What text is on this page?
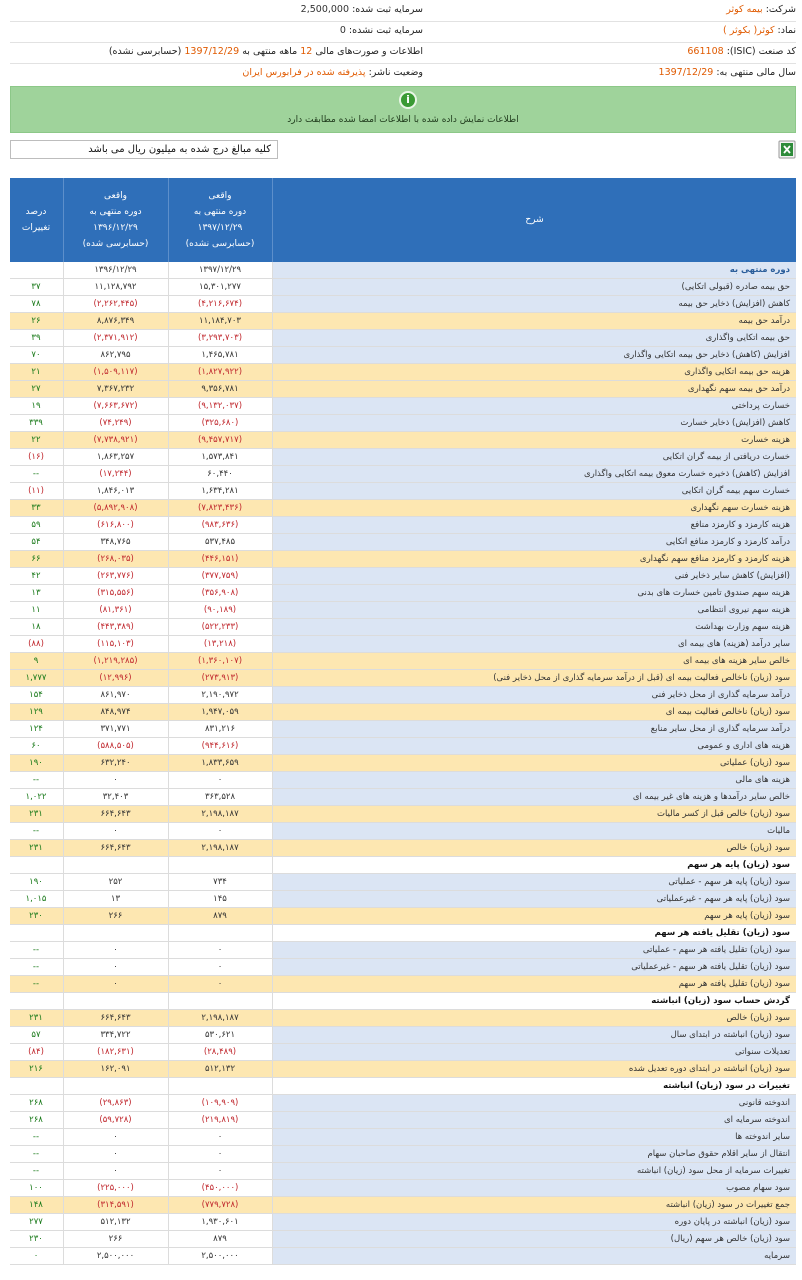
شرکت: بیمه کوثر
سرمایه ثبت شده: 2,500,000
نماد: کوثر( بکوثر )
سرمایه ثبت نشده: 0
کد صنعت (ISIC): 661108
اطلاعات و صورت‌های مالی 12 ماهه منتهی به 1397/12/29 (حسابرسی نشده)
سال مالی منتهی به: 1397/12/29
وضعیت ناشر: پذیرفته شده در فرابورس ایران
i
اطلاعات نمایش داده شده با اطلاعات امضا شده مطابقت دارد
کلیه مبالغ درج شده به میلیون ریال می باشد
شرح
واقعی
دوره منتهی به
۱۳۹۷/۱۲/۲۹
(حسابرسی نشده)
واقعی
دوره منتهی به
۱۳۹۶/۱۲/۲۹
(حسابرسی شده)
درصد
تغییرات
دوره منتهی به
۱۳۹۷/۱۲/۲۹
۱۳۹۶/۱۲/۲۹
حق بیمه صادره (قبولی اتکایی)
۱۵,۳۰۱,۲۷۷
۱۱,۱۲۸,۷۹۲
۳۷
کاهش (افزایش) ذخایر حق بیمه
(۴,۲۱۶,۶۷۴)
(۲,۲۶۲,۴۴۵)
۷۸
درآمد حق بیمه
۱۱,۱۸۴,۷۰۳
۸,۸۷۶,۳۴۹
۲۶
حق بیمه اتکایی واگذاری
(۳,۲۹۳,۷۰۳)
(۲,۳۷۱,۹۱۲)
۳۹
افزایش (کاهش) ذخایر حق بیمه اتکایی واگذاری
۱,۴۶۵,۷۸۱
۸۶۲,۷۹۵
۷۰
هزینه حق بیمه اتکایی واگذاری
(۱,۸۲۷,۹۲۲)
(۱,۵۰۹,۱۱۷)
۲۱
درآمد حق بیمه سهم نگهداری
۹,۳۵۶,۷۸۱
۷,۳۶۷,۲۳۲
۲۷
خسارت پرداختی
(۹,۱۳۲,۰۳۷)
(۷,۶۶۳,۶۷۲)
۱۹
کاهش (افزایش) ذخایر خسارت
(۳۲۵,۶۸۰)
(۷۴,۲۴۹)
۳۳۹
هزینه خسارت
(۹,۴۵۷,۷۱۷)
(۷,۷۳۸,۹۲۱)
۲۲
خسارت دریافتی از بیمه گران اتکایی
۱,۵۷۳,۸۴۱
۱,۸۶۳,۲۵۷
(۱۶)
افزایش (کاهش) ذخیره خسارت معوق بیمه اتکایی واگذاری
۶۰,۴۴۰
(۱۷,۲۴۴)
--
خسارت سهم بیمه گران اتکایی
۱,۶۳۴,۲۸۱
۱,۸۴۶,۰۱۳
(۱۱)
هزینه خسارت سهم نگهداری
(۷,۸۲۳,۴۳۶)
(۵,۸۹۲,۹۰۸)
۳۳
هزینه کارمزد و کارمزد منافع
(۹۸۳,۶۳۶)
(۶۱۶,۸۰۰)
۵۹
درآمد کارمزد و کارمزد منافع اتکایی
۵۳۷,۴۸۵
۳۴۸,۷۶۵
۵۴
هزینه کارمزد و کارمزد منافع سهم نگهداری
(۴۴۶,۱۵۱)
(۲۶۸,۰۳۵)
۶۶
(افزایش) کاهش سایر ذخایر فنی
(۳۷۷,۷۵۹)
(۲۶۳,۷۷۶)
۴۲
هزینه سهم صندوق تامین خسارت های بدنی
(۳۵۶,۹۰۸)
(۳۱۵,۵۵۶)
۱۳
هزینه سهم نیروی انتظامی
(۹۰,۱۸۹)
(۸۱,۳۶۱)
۱۱
هزینه سهم وزارت بهداشت
(۵۲۲,۲۳۳)
(۴۴۳,۳۸۹)
۱۸
سایر درآمد (هزینه) های بیمه ای
(۱۳,۲۱۸)
(۱۱۵,۱۰۳)
(۸۸)
خالص سایر هزینه های بیمه ای
(۱,۳۶۰,۱۰۷)
(۱,۲۱۹,۲۸۵)
۹
سود (زیان) ناخالص فعالیت بیمه ای (قبل از درآمد سرمایه گذاری از محل ذخایر فنی)
(۲۷۳,۹۱۳)
(۱۲,۹۹۶)
۱,۷۷۷
درآمد سرمایه گذاری از محل ذخایر فنی
۲,۱۹۰,۹۷۲
۸۶۱,۹۷۰
۱۵۴
سود (زیان) ناخالص فعالیت بیمه ای
۱,۹۴۷,۰۵۹
۸۴۸,۹۷۴
۱۲۹
درآمد سرمایه گذاری از محل سایر منابع
۸۳۱,۲۱۶
۳۷۱,۷۷۱
۱۲۴
هزینه های اداری و عمومی
(۹۴۴,۶۱۶)
(۵۸۸,۵۰۵)
۶۰
سود (زیان) عملیاتی
۱,۸۳۳,۶۵۹
۶۳۲,۲۴۰
۱۹۰
هزینه های مالی
۰
۰
--
خالص سایر درآمدها و هزینه های غیر بیمه ای
۳۶۳,۵۲۸
۳۲,۴۰۳
۱,۰۲۲
سود (زیان) خالص قبل از کسر مالیات
۲,۱۹۸,۱۸۷
۶۶۴,۶۴۳
۲۳۱
مالیات
۰
۰
--
سود (زیان) خالص
۲,۱۹۸,۱۸۷
۶۶۴,۶۴۳
۲۳۱
سود (زیان) پایه هر سهم
سود (زیان) پایه هر سهم - عملیاتی
۷۳۴
۲۵۲
۱۹۰
سود (زیان) پایه هر سهم - غیرعملیاتی
۱۴۵
۱۳
۱,۰۱۵
سود (زیان) پایه هر سهم
۸۷۹
۲۶۶
۲۳۰
سود (زیان) تقلیل یافته هر سهم
سود (زیان) تقلیل یافته هر سهم - عملیاتی
۰
۰
--
سود (زیان) تقلیل یافته هر سهم - غیرعملیاتی
۰
۰
--
سود (زیان) تقلیل یافته هر سهم
۰
۰
--
گردش حساب سود (زیان) انباشته
سود (زیان) خالص
۲,۱۹۸,۱۸۷
۶۶۴,۶۴۳
۲۳۱
سود (زیان) انباشته در ابتدای سال
۵۳۰,۶۲۱
۳۳۴,۷۲۲
۵۷
تعدیلات سنواتی
(۲۸,۴۸۹)
(۱۸۲,۶۳۱)
(۸۴)
سود (زیان) انباشته در ابتدای دوره تعدیل شده
۵۱۲,۱۳۲
۱۶۲,۰۹۱
۲۱۶
تغییرات در سود (زیان) انباشته
اندوخته قانونی
(۱۰۹,۹۰۹)
(۲۹,۸۶۳)
۲۶۸
اندوخته سرمایه ای
(۲۱۹,۸۱۹)
(۵۹,۷۲۸)
۲۶۸
سایر اندوخته ها
۰
۰
--
انتقال از سایر اقلام حقوق صاحبان سهام
۰
۰
--
تغییرات سرمایه از محل سود (زیان) انباشته
۰
۰
--
سود سهام مصوب
(۴۵۰,۰۰۰)
(۲۲۵,۰۰۰)
۱۰۰
جمع تغییرات در سود (زیان) انباشته
(۷۷۹,۷۲۸)
(۳۱۴,۵۹۱)
۱۴۸
سود (زیان) انباشته در پایان دوره
۱,۹۳۰,۶۰۱
۵۱۲,۱۳۲
۲۷۷
سود (زیان) خالص هر سهم (ریال)
۸۷۹
۲۶۶
۲۳۰
سرمایه
۲,۵۰۰,۰۰۰
۲,۵۰۰,۰۰۰
۰
